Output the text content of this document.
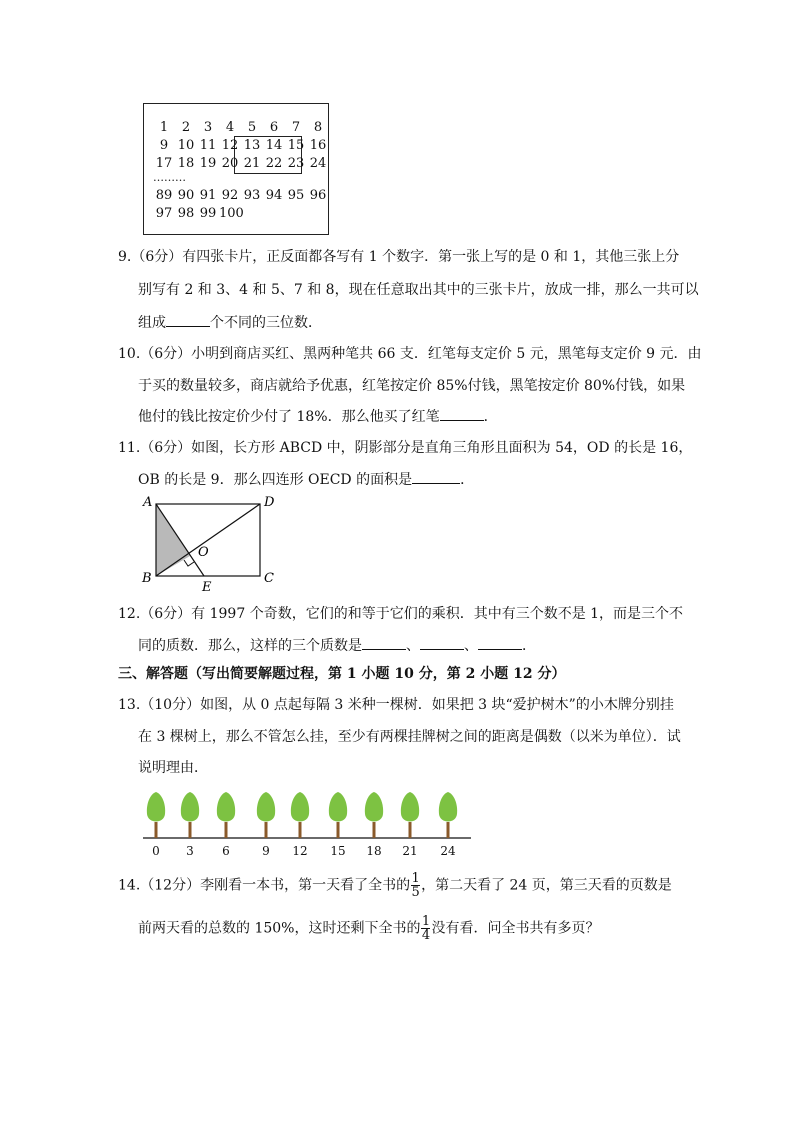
1 2 3 4 5 6 7 8
9 10 11 12 13 14 15 16
17 18 19 20 21 22 23 24
………
89 90 91 92 93 94 95 96
97 98 99 100
9.（6分）有四张卡片，正反面都各写有 1 个数字．第一张上写的是 0 和 1，其他三张上分
别写有 2 和 3、4 和 5、7 和 8，现在任意取出其中的三张卡片，放成一排，那么一共可以
组成	个不同的三位数．
10.（6分）小明到商店买红、黑两种笔共 66 支．红笔每支定价 5 元，黑笔每支定价 9 元．由
于买的数量较多，商店就给予优惠，红笔按定价 85%付钱，黑笔按定价 80%付钱，如果
他付的钱比按定价少付了 18%．那么他买了红笔	．
11.（6分）如图，长方形 ABCD 中，阴影部分是直角三角形且面积为 54，OD 的长是 16，
OB 的长是 9．那么四连形 OECD 的面积是	．
A	D
B	C
O
E
12.（6分）有 1997 个奇数，它们的和等于它们的乘积．其中有三个数不是 1，而是三个不
同的质数．那么，这样的三个质数是	、	、	．
三、解答题（写出简要解题过程，第 1 小题 10 分，第 2 小题 12 分）
13.（10分）如图，从 0 点起每隔 3 米种一棵树．如果把 3 块“爱护树木”的小木牌分别挂
在 3 棵树上，那么不管怎么挂，至少有两棵挂牌树之间的距离是偶数（以米为单位）．试
说明理由．
0	3	6	9	12	15	18	21	24
14.（12分）李刚看一本书，第一天看了全书的 $\frac{1}{5}$ ，第二天看了 24 页，第三天看的页数是
前两天看的总数的 150%，这时还剩下全书的 $\frac{1}{4}$ 没有看．问全书共有多页？
